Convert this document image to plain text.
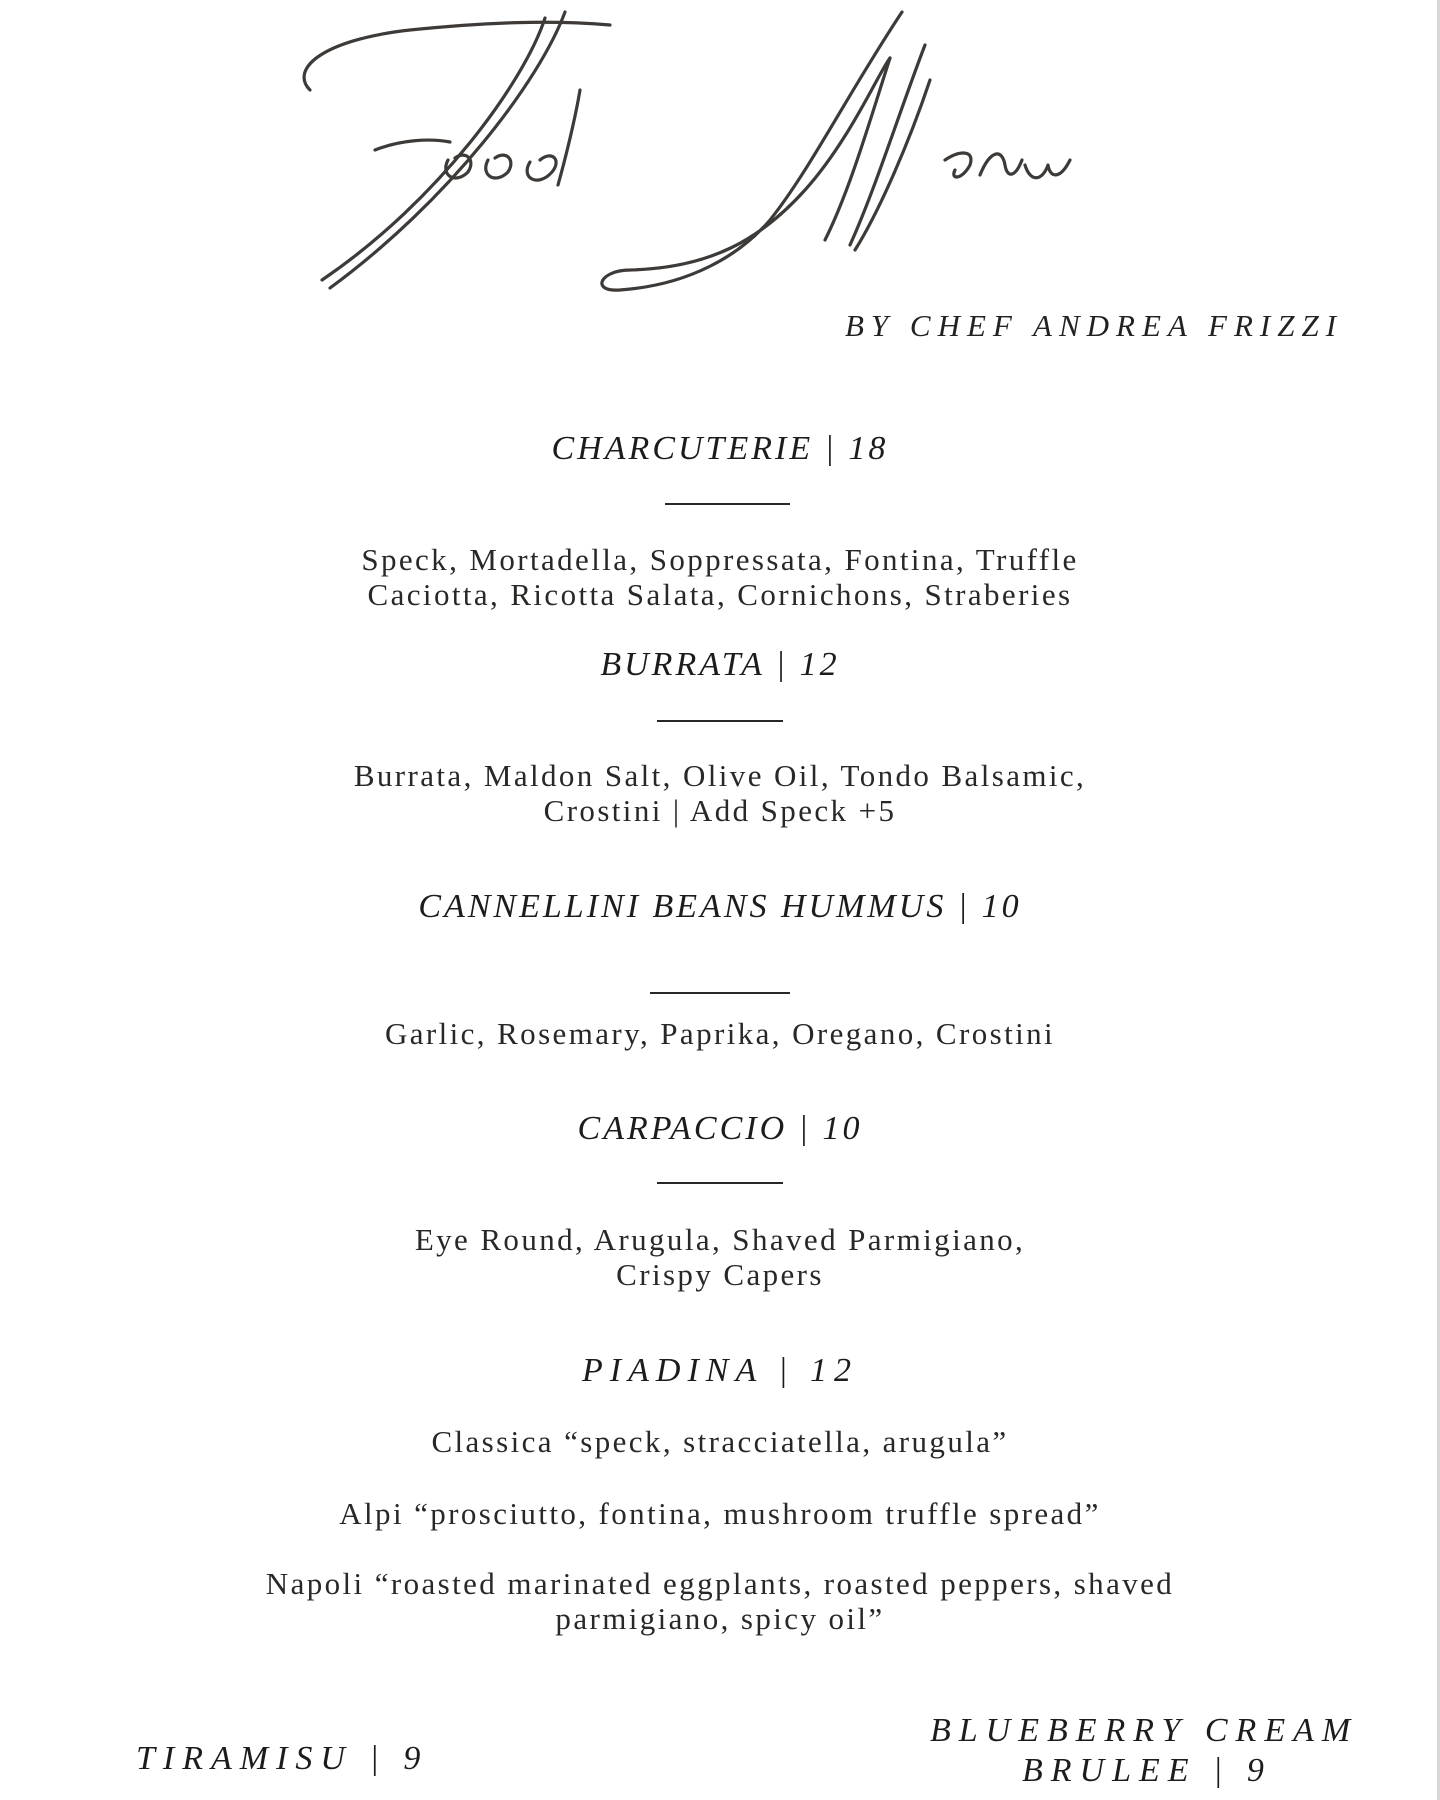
BY CHEF ANDREA FRIZZI
CHARCUTERIE | 18
Speck, Mortadella, Soppressata, Fontina, Truffle
Caciotta, Ricotta Salata, Cornichons, Straberies
BURRATA | 12
Burrata, Maldon Salt, Olive Oil, Tondo Balsamic,
Crostini | Add Speck +5
CANNELLINI BEANS HUMMUS | 10
Garlic, Rosemary, Paprika, Oregano, Crostini
CARPACCIO | 10
Eye Round, Arugula, Shaved Parmigiano,
Crispy Capers
PIADINA | 12
Classica “speck, stracciatella, arugula”
Alpi “prosciutto, fontina, mushroom truffle spread”
Napoli “roasted marinated eggplants, roasted peppers, shaved
parmigiano, spicy oil”
TIRAMISU | 9
BLUEBERRY CREAM
BRULEE | 9
